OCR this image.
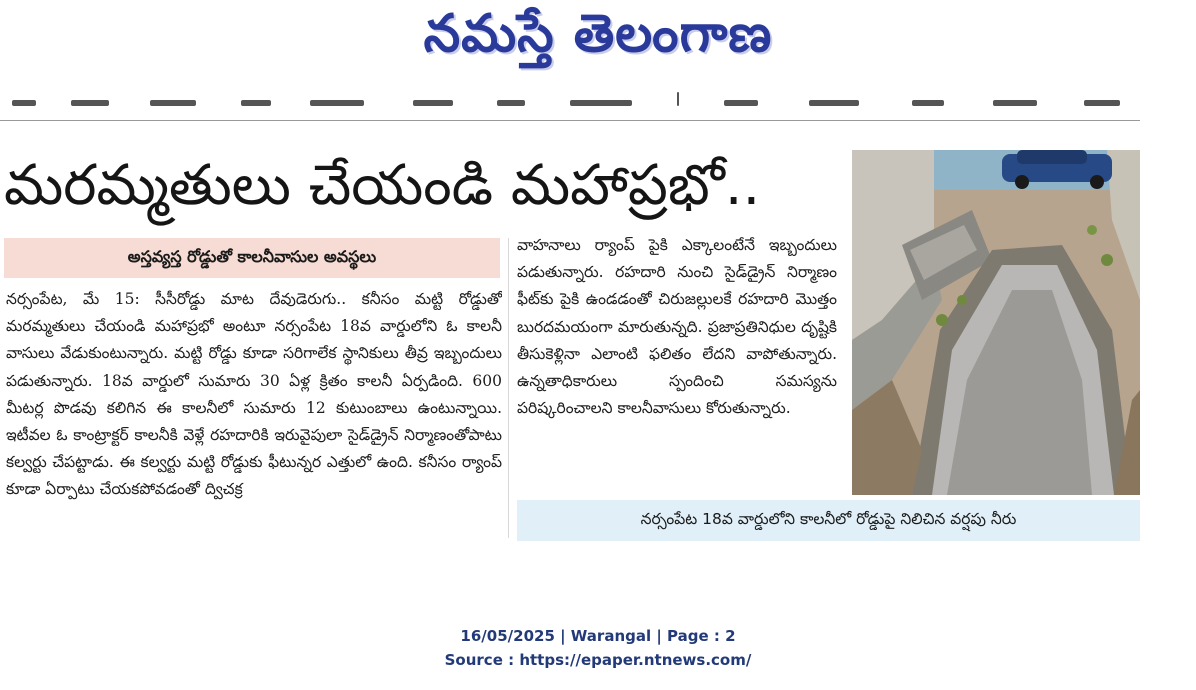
నమస్తే తెలంగాణ

మరమ్మతులు చేయండి మహాప్రభో..
అస్తవ్యస్త రోడ్డుతో కాలనీవాసుల అవస్థలు

నర్సంపేట, మే 15: సీసీరోడ్డు మాట దేవుడెరుగు.. కనీసం మట్టి రోడ్డుతో మరమ్మతులు చేయండి మహాప్రభో అంటూ నర్సంపేట 18వ వార్డులోని ఓ కాలనీ వాసులు వేడుకుంటున్నారు. మట్టి రోడ్డు కూడా సరిగాలేక స్థానికులు తీవ్ర ఇబ్బందులు పడుతున్నారు. 18వ వార్డులో సుమారు 30 ఏళ్ల క్రితం కాలనీ ఏర్పడింది. 600 మీటర్ల పొడవు కలిగిన ఈ కాలనీలో సుమారు 12 కుటుంబాలు ఉంటున్నాయి. ఇటీవల ఓ కాంట్రాక్టర్ కాలనీకి వెళ్లే రహదారికి ఇరువైపులా సైడ్‌డ్రైన్ నిర్మాణంతోపాటు కల్వర్టు చేపట్టాడు. ఈ కల్వర్టు మట్టి రోడ్డుకు ఫీటున్నర ఎత్తులో ఉంది. కనీసం ర్యాంప్ కూడా ఏర్పాటు చేయకపోవడంతో ద్విచక్ర

వాహనాలు ర్యాంప్ పైకి ఎక్కాలంటేనే ఇబ్బందులు పడుతున్నారు. రహదారి నుంచి సైడ్‌డ్రైన్ నిర్మాణం ఫీట్‌కు పైకి ఉండడంతో చిరుజల్లులకే రహదారి మొత్తం బురదమయంగా మారుతున్నది. ప్రజాప్రతినిధుల దృష్టికి తీసుకెళ్లినా ఎలాంటి ఫలితం లేదని వాపోతున్నారు. ఉన్నతాధికారులు స్పందించి సమస్యను పరిష్కరించాలని కాలనీవాసులు కోరుతున్నారు.

నర్సంపేట 18వ వార్డులోని కాలనీలో రోడ్డుపై నిలిచిన వర్షపు నీరు
16/05/2025 | Warangal | Page : 2
Source : https://epaper.ntnews.com/
